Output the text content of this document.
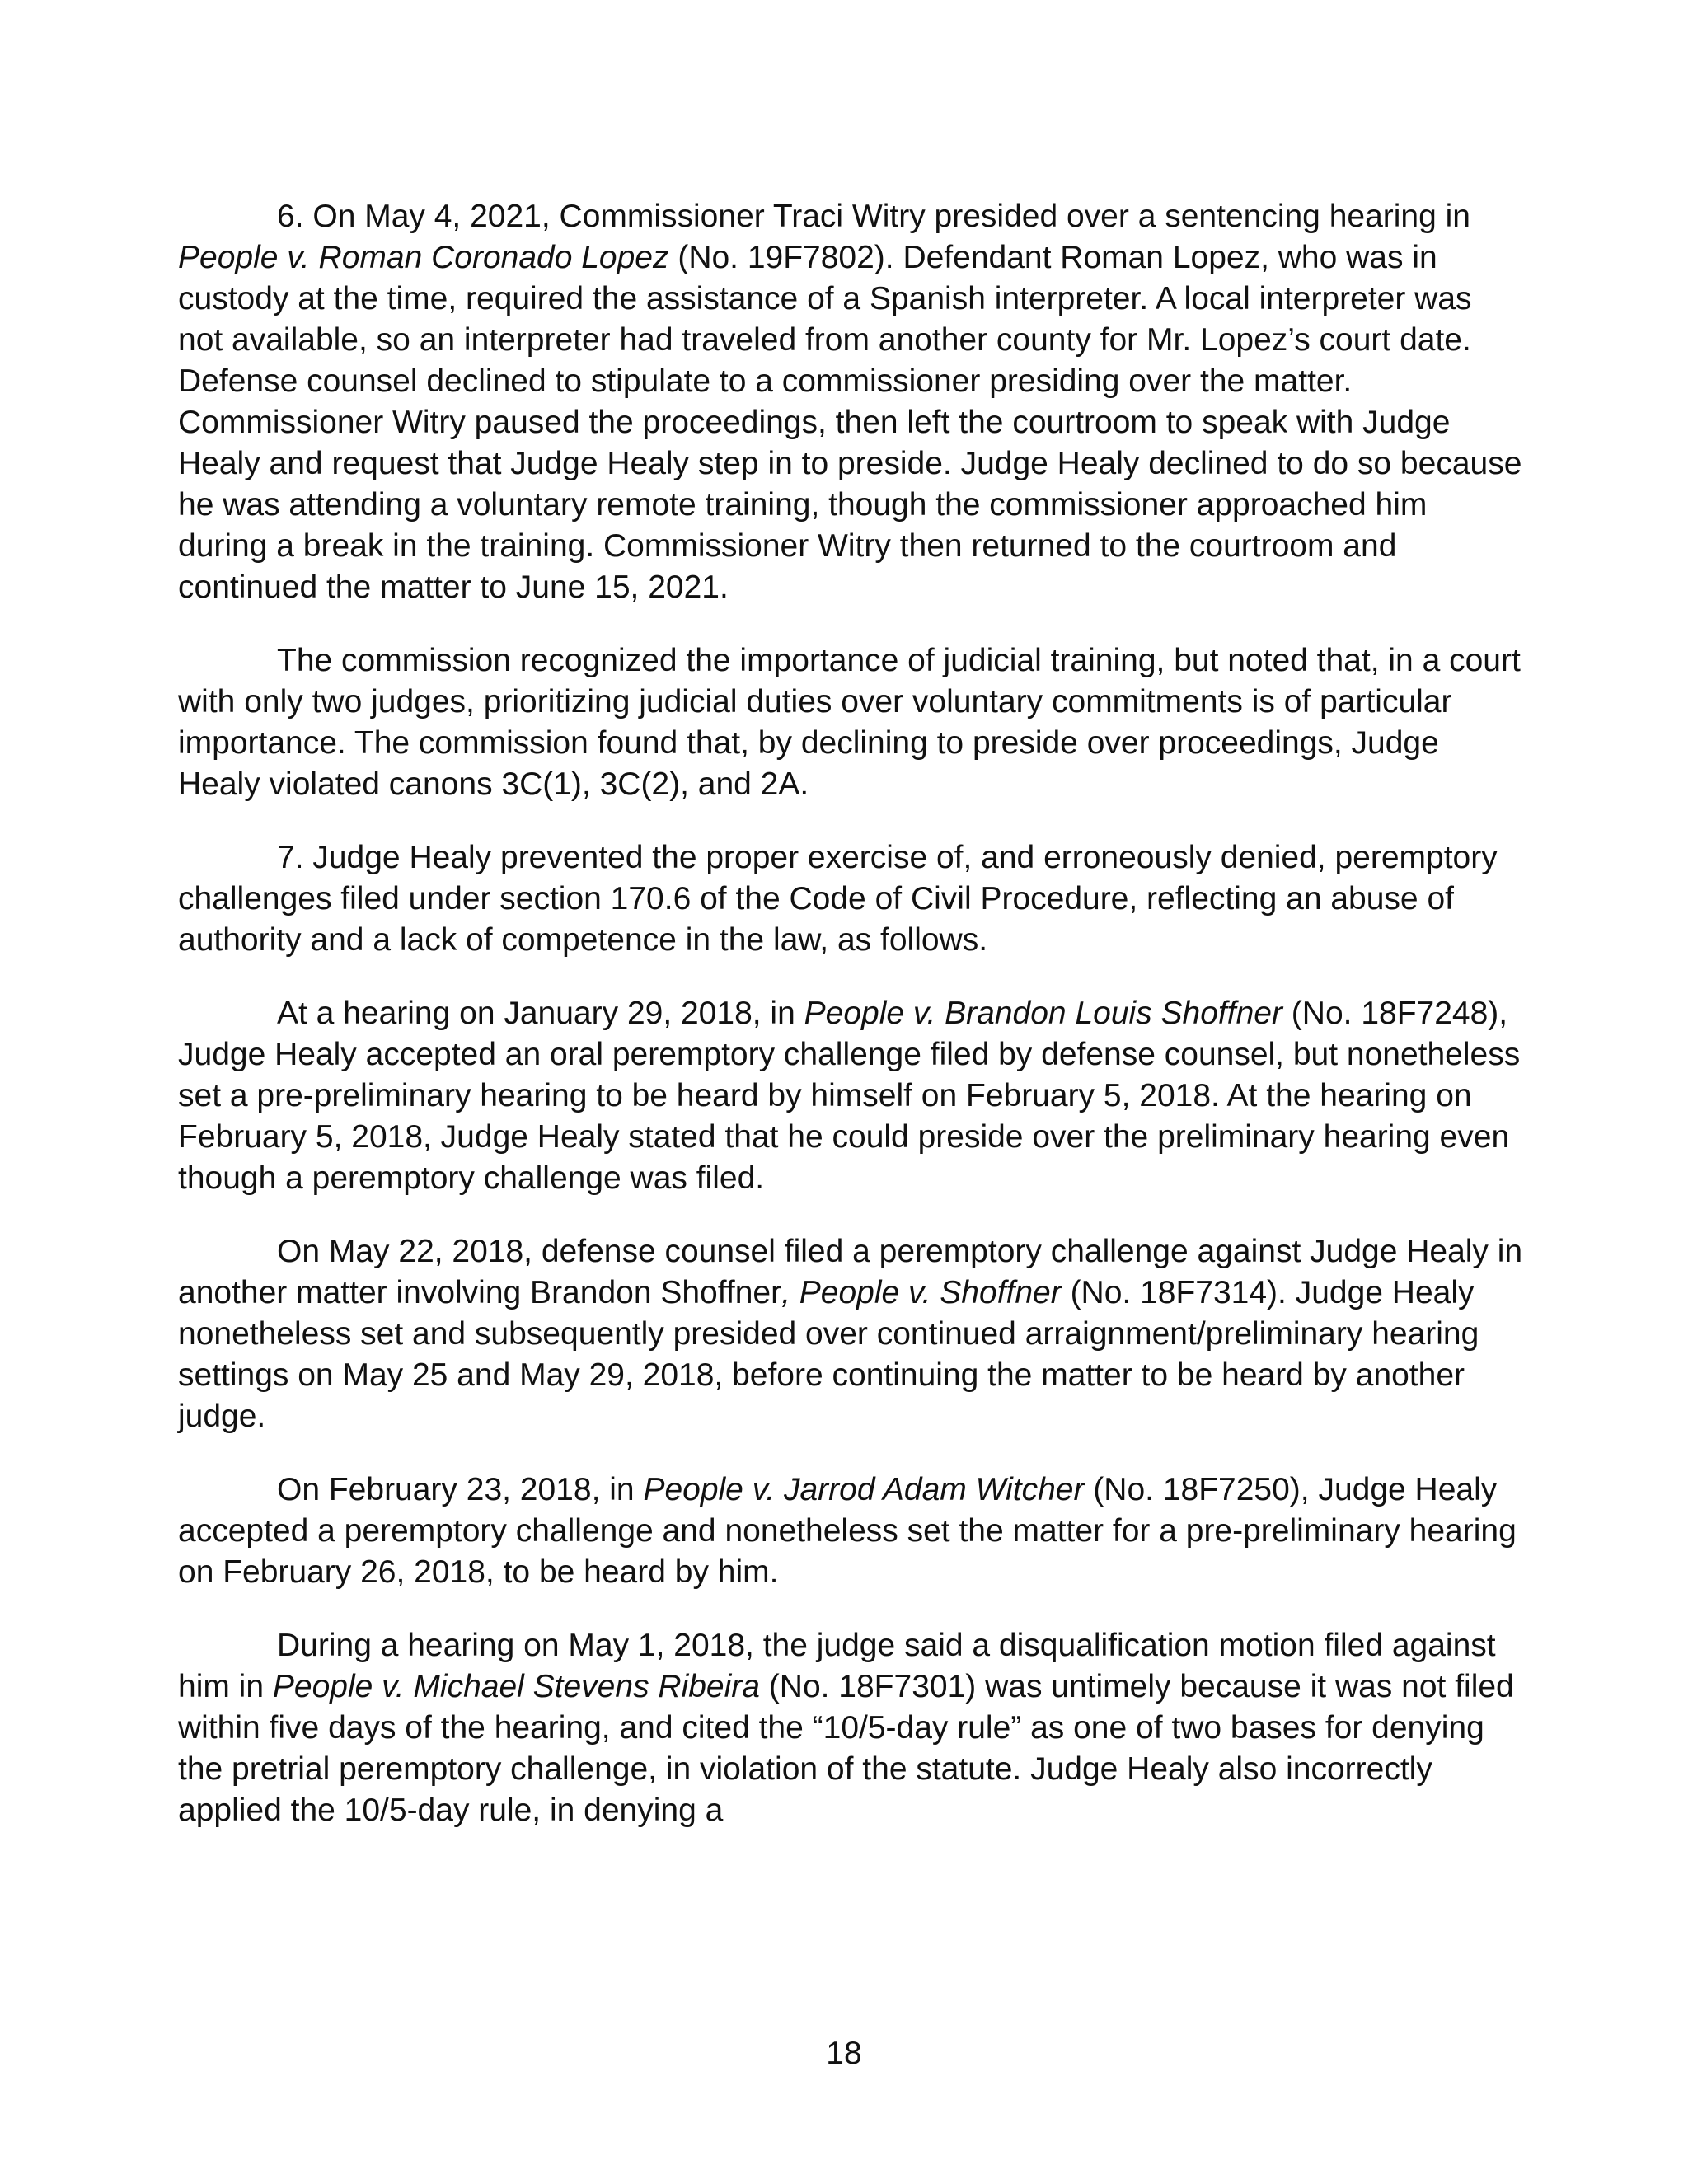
6. On May 4, 2021, Commissioner Traci Witry presided over a sentencing hearing in People v. Roman Coronado Lopez (No. 19F7802). Defendant Roman Lopez, who was in custody at the time, required the assistance of a Spanish interpreter. A local interpreter was not available, so an interpreter had traveled from another county for Mr. Lopez’s court date. Defense counsel declined to stipulate to a commissioner presiding over the matter. Commissioner Witry paused the proceedings, then left the courtroom to speak with Judge Healy and request that Judge Healy step in to preside. Judge Healy declined to do so because he was attending a voluntary remote training, though the commissioner approached him during a break in the training. Commissioner Witry then returned to the courtroom and continued the matter to June 15, 2021.

The commission recognized the importance of judicial training, but noted that, in a court with only two judges, prioritizing judicial duties over voluntary commitments is of particular importance. The commission found that, by declining to preside over proceedings, Judge Healy violated canons 3C(1), 3C(2), and 2A.

7. Judge Healy prevented the proper exercise of, and erroneously denied, peremptory challenges filed under section 170.6 of the Code of Civil Procedure, reflecting an abuse of authority and a lack of competence in the law, as follows.

At a hearing on January 29, 2018, in People v. Brandon Louis Shoffner (No. 18F7248), Judge Healy accepted an oral peremptory challenge filed by defense counsel, but nonetheless set a pre-preliminary hearing to be heard by himself on February 5, 2018. At the hearing on February 5, 2018, Judge Healy stated that he could preside over the preliminary hearing even though a peremptory challenge was filed.

On May 22, 2018, defense counsel filed a peremptory challenge against Judge Healy in another matter involving Brandon Shoffner, People v. Shoffner (No. 18F7314). Judge Healy nonetheless set and subsequently presided over continued arraignment/preliminary hearing settings on May 25 and May 29, 2018, before continuing the matter to be heard by another judge.

On February 23, 2018, in People v. Jarrod Adam Witcher (No. 18F7250), Judge Healy accepted a peremptory challenge and nonetheless set the matter for a pre-preliminary hearing on February 26, 2018, to be heard by him.

During a hearing on May 1, 2018, the judge said a disqualification motion filed against him in People v. Michael Stevens Ribeira (No. 18F7301) was untimely because it was not filed within five days of the hearing, and cited the “10/5-day rule” as one of two bases for denying the pretrial peremptory challenge, in violation of the statute. Judge Healy also incorrectly applied the 10/5-day rule, in denying a

18
